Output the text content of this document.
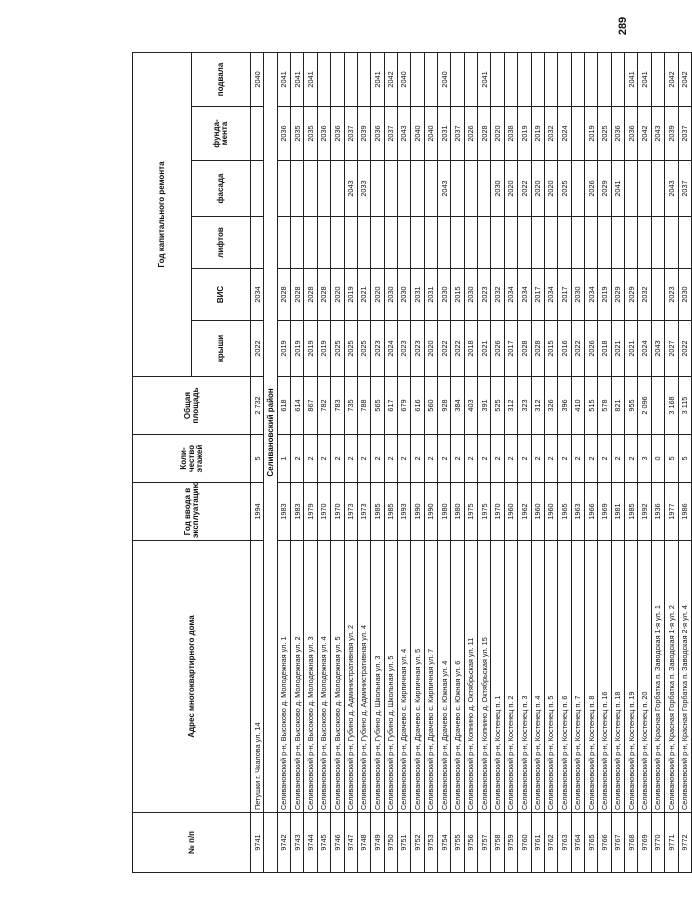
289
№ п/п	Адрес многоквартирного дома	Год ввода в эксплуатацию	Коли-чество этажей	Общая площадь	Год капитального ремонта					
					крыши	ВИС	лифтов	фасада	фунда-мента	подвала
9741	Петушки г. Чкалова ул. 14	1994	5	2 732	2022	2034				2040
	Селивановский район									
9742	Селивановский р-н, Высоково д. Молодежная ул. 1	1983	1	618	2019	2028			2036	2041
9743	Селивановский р-н, Высоково д. Молодежная ул. 2	1983	2	614	2019	2028			2035	2041
9744	Селивановский р-н, Высоково д. Молодежная ул. 3	1979	2	867	2019	2028			2035	2041
9745	Селивановский р-н, Высоково д. Молодежная ул. 4	1970	2	782	2019	2028			2036	
9746	Селивановский р-н, Высоково д. Молодежная ул. 5	1970	2	783	2025	2020			2036	
9747	Селивановский р-н, Губино д. Административная ул. 2	1973	2	735	2025	2019		2043	2037	
9748	Селивановский р-н, Губино д. Административная ул. 4	1973	2	788	2025	2021		2033	2039	
9749	Селивановский р-н, Губино д. Школьная ул. 3	1985	2	565	2023	2020			2036	2041
9750	Селивановский р-н, Губино д. Школьная ул. 5	1985	2	617	2024	2030			2037	2042
9751	Селивановский р-н, Драчево с. Кирпичная ул. 4	1993	2	679	2023	2030			2043	2040
9752	Селивановский р-н, Драчево с. Кирпичная ул. 5	1990	2	616	2023	2031			2040	
9753	Селивановский р-н, Драчево с. Кирпичная ул. 7	1990	2	560	2020	2031			2040	
9754	Селивановский р-н, Драчево с. Южная ул. 4	1980	2	928	2022	2030		2043	2031	2040
9755	Селивановский р-н, Драчево с. Южная ул. 6	1980	2	384	2022	2015			2037	
9756	Селивановский р-н, Копнино д. Октябрьская ул. 11	1975	2	403	2018	2030			2026	
9757	Селивановский р-н, Копнино д. Октябрьская ул. 15	1975	2	391	2021	2023			2028	2041
9758	Селивановский р-н, Костенец п. 1	1970	2	525	2026	2032		2030	2020	
9759	Селивановский р-н, Костенец п. 2	1960	2	312	2017	2034		2020	2038	
9760	Селивановский р-н, Костенец п. 3	1962	2	323	2028	2034		2022	2019	
9761	Селивановский р-н, Костенец п. 4	1960	2	312	2028	2017		2020	2019	
9762	Селивановский р-н, Костенец п. 5	1960	2	326	2015	2034		2020	2032	
9763	Селивановский р-н, Костенец п. 6	1965	2	396	2016	2017		2025	2024	
9764	Селивановский р-н, Костенец п. 7	1963	2	410	2022	2030				
9765	Селивановский р-н, Костенец п. 8	1966	2	515	2026	2034		2026	2019	
9766	Селивановский р-н, Костенец п. 16	1969	2	578	2018	2019		2029	2025	
9767	Селивановский р-н, Костенец п. 18	1981	2	821	2021	2029		2041	2036	
9768	Селивановский р-н, Костенец п. 19	1985	2	955	2021	2029			2036	2041
9769	Селивановский р-н, Костенец п. 20	1992	3	2 096	2024	2032			2042	2041
9770	Селивановский р-н, Красная Горбатка п. Заводская 1-я ул. 1	1936	0		2043				2043	
9771	Селивановский р-н, Красная Горбатка п. Заводская 1-я ул. 2	1977	5	3 168	2027	2023		2043	2039	2042
9772	Селивановский р-н, Красная Горбатка п. Заводская 2-я ул. 4	1986	5	3 115	2022	2030		2037	2037	2042
